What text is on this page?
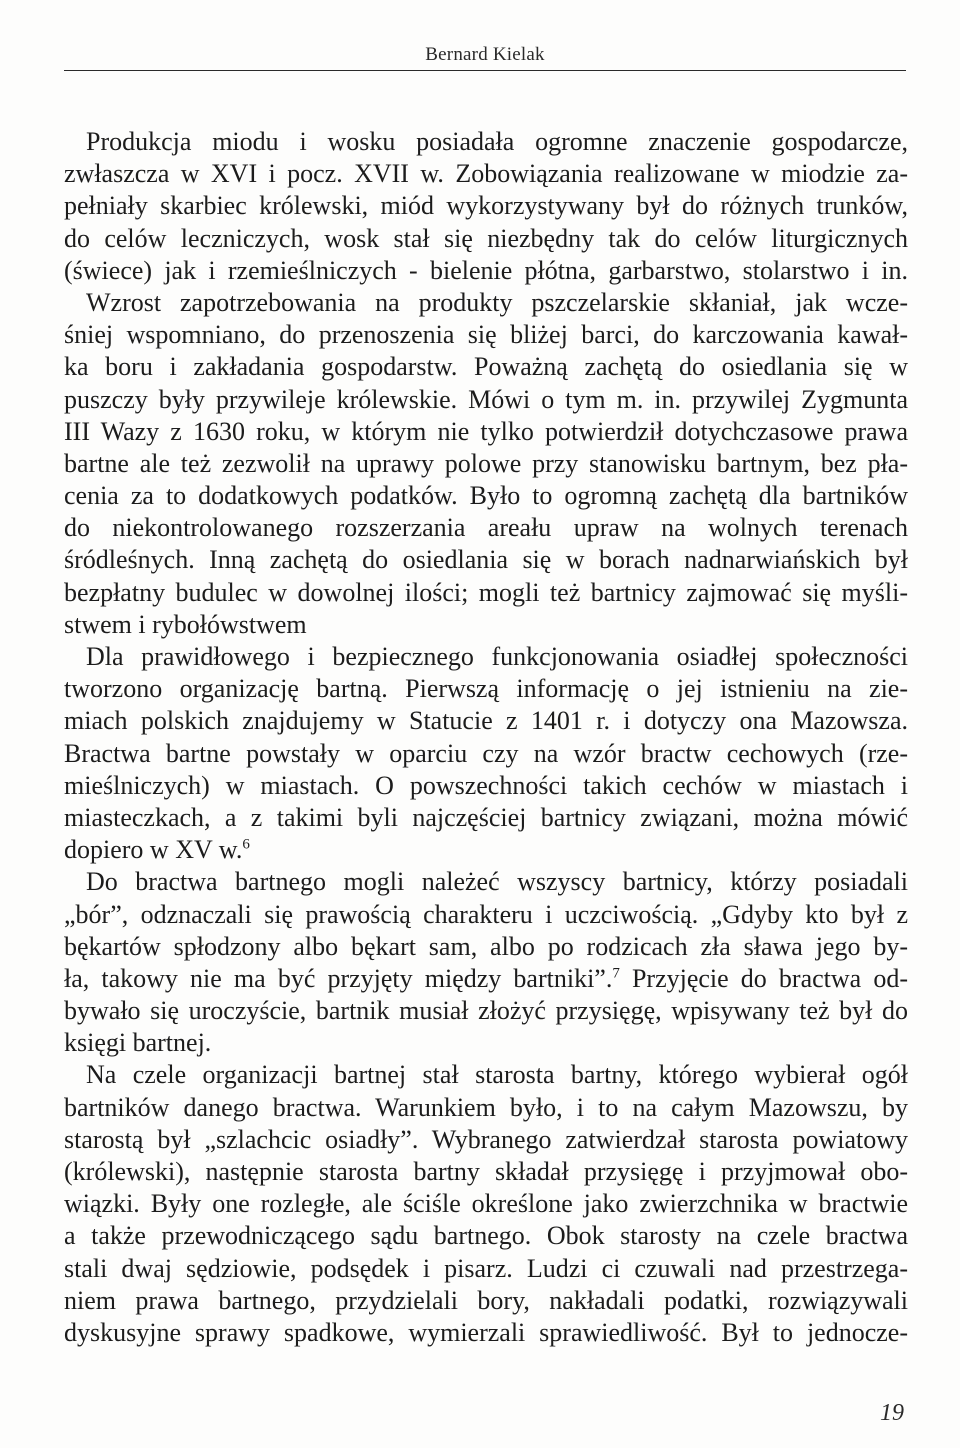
Bernard Kielak
Produkcja miodu i wosku posiadała ogromne znaczenie gospodarcze,
zwłaszcza w XVI i pocz. XVII w. Zobowiązania realizowane w miodzie za-
pełniały skarbiec królewski, miód wykorzystywany był do różnych trunków,
do celów leczniczych, wosk stał się niezbędny tak do celów liturgicznych
(świece) jak i rzemieślniczych - bielenie płótna, garbarstwo, stolarstwo i in.
Wzrost zapotrzebowania na produkty pszczelarskie skłaniał, jak wcze-
śniej wspomniano, do przenoszenia się bliżej barci, do karczowania kawał-
ka boru i zakładania gospodarstw. Poważną zachętą do osiedlania się w
puszczy były przywileje królewskie. Mówi o tym m. in. przywilej Zygmunta
III Wazy z 1630 roku, w którym nie tylko potwierdził dotychczasowe prawa
bartne ale też zezwolił na uprawy polowe przy stanowisku bartnym, bez pła-
cenia za to dodatkowych podatków. Było to ogromną zachętą dla bartników
do niekontrolowanego rozszerzania areału upraw na wolnych terenach
śródleśnych. Inną zachętą do osiedlania się w borach nadnarwiańskich był
bezpłatny budulec w dowolnej ilości; mogli też bartnicy zajmować się myśli-
stwem i rybołówstwem
Dla prawidłowego i bezpiecznego funkcjonowania osiadłej społeczności
tworzono organizację bartną. Pierwszą informację o jej istnieniu na zie-
miach polskich znajdujemy w Statucie z 1401 r. i dotyczy ona Mazowsza.
Bractwa bartne powstały w oparciu czy na wzór bractw cechowych (rze-
mieślniczych) w miastach. O powszechności takich cechów w miastach i
miasteczkach, a z takimi byli najczęściej bartnicy związani, można mówić
dopiero w XV w.$^6$
Do bractwa bartnego mogli należeć wszyscy bartnicy, którzy posiadali
„bór”, odznaczali się prawością charakteru i uczciwością. „Gdyby kto był z
bękartów spłodzony albo bękart sam, albo po rodzicach zła sława jego by-
ła, takowy nie ma być przyjęty między bartniki”.$^7$ Przyjęcie do bractwa od-
bywało się uroczyście, bartnik musiał złożyć przysięgę, wpisywany też był do
księgi bartnej.
Na czele organizacji bartnej stał starosta bartny, którego wybierał ogół
bartników danego bractwa. Warunkiem było, i to na całym Mazowszu, by
starostą był „szlachcic osiadły”. Wybranego zatwierdzał starosta powiatowy
(królewski), następnie starosta bartny składał przysięgę i przyjmował obo-
wiązki. Były one rozległe, ale ściśle określone jako zwierzchnika w bractwie
a także przewodniczącego sądu bartnego. Obok starosty na czele bractwa
stali dwaj sędziowie, podsędek i pisarz. Ludzi ci czuwali nad przestrzega-
niem prawa bartnego, przydzielali bory, nakładali podatki, rozwiązywali
dyskusyjne sprawy spadkowe, wymierzali sprawiedliwość. Był to jednocze-
19
